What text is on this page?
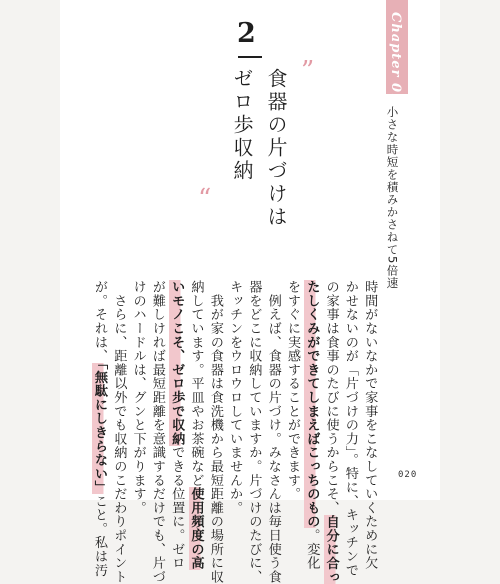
Chapter 01
小さな時短を積みかさねて5倍速
2
食器の片づけは
ゼロ歩収納 ”
“
時間がないなかで家事をこなしていくために欠
かせないのが「片づけの力」。特に、キッチンで
の家事は食事のたびに使うからこそ、自分に合っ
たしくみができてしまえばこっちのもの。変化
をすぐに実感することができます。
　例えば、食器の片づけ。みなさんは毎日使う食
器をどこに収納していますか。片づけのたびに、
キッチンをウロウロしていませんか。
　我が家の食器は食洗機から最短距離の場所に収
納しています。平皿やお茶碗など使用頻度の高
いモノこそ、ゼロ歩で収納できる位置に。ゼロ
が難しければ最短距離を意識するだけでも、片づ
けのハードルは、グンと下がります。
　さらに、距離以外でも収納のこだわりポイント
が。それは、「無駄にしきらない」こと。私は汚
020
